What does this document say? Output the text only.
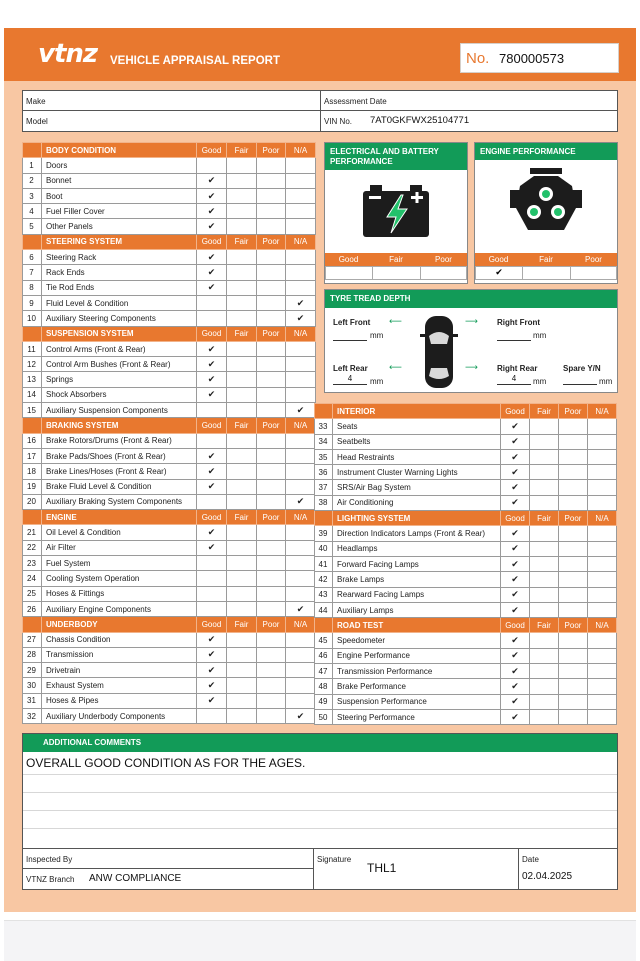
vtnz VEHICLE APPRAISAL REPORT	No. 780000573
Make
Model
Assessment Date
VIN No. 7AT0GKFWX25104771
	BODY CONDITION	Good	Fair	Poor	N/A
1	Doors				
2	Bonnet	✔			
3	Boot	✔			
4	Fuel Filler Cover	✔			
5	Other Panels	✔			
	STEERING SYSTEM	Good	Fair	Poor	N/A
6	Steering Rack	✔			
7	Rack Ends	✔			
8	Tie Rod Ends	✔			
9	Fluid Level & Condition				✔
10	Auxiliary Steering Components				✔
	SUSPENSION SYSTEM	Good	Fair	Poor	N/A
11	Control Arms (Front & Rear)	✔			
12	Control Arm Bushes (Front & Rear)	✔			
13	Springs	✔			
14	Shock Absorbers	✔			
15	Auxiliary Suspension Components				✔
	BRAKING SYSTEM	Good	Fair	Poor	N/A
16	Brake Rotors/Drums (Front & Rear)				
17	Brake Pads/Shoes (Front & Rear)	✔			
18	Brake Lines/Hoses (Front & Rear)	✔			
19	Brake Fluid Level & Condition	✔			
20	Auxiliary Braking System Components				✔
	ENGINE	Good	Fair	Poor	N/A
21	Oil Level & Condition	✔			
22	Air Filter	✔			
23	Fuel System				
24	Cooling System Operation				
25	Hoses & Fittings				
26	Auxiliary Engine Components				✔
	UNDERBODY	Good	Fair	Poor	N/A
27	Chassis Condition	✔			
28	Transmission	✔			
29	Drivetrain	✔			
30	Exhaust System	✔			
31	Hoses & Pipes	✔			
32	Auxiliary Underbody Components				✔
ELECTRICAL AND BATTERY PERFORMANCE
Good	Fair	Poor
ENGINE PERFORMANCE
Good	Fair	Poor
✔
TYRE TREAD DEPTH
Left Front
mm
⟵	Right Front
mm
⟶
Left Rear
4	mm
⟵	Right Rear
4	mm
⟶	Spare Y/N
mm
	INTERIOR	Good	Fair	Poor	N/A
33	Seats	✔			
34	Seatbelts	✔			
35	Head Restraints	✔			
36	Instrument Cluster Warning Lights	✔			
37	SRS/Air Bag System	✔			
38	Air Conditioning	✔			
	LIGHTING SYSTEM	Good	Fair	Poor	N/A
39	Direction Indicators Lamps (Front & Rear)	✔			
40	Headlamps	✔			
41	Forward Facing Lamps	✔			
42	Brake Lamps	✔			
43	Rearward Facing Lamps	✔			
44	Auxiliary Lamps	✔			
	ROAD TEST	Good	Fair	Poor	N/A
45	Speedometer	✔			
46	Engine Performance	✔			
47	Transmission Performance	✔			
48	Brake Performance	✔			
49	Suspension Performance	✔			
50	Steering Performance	✔			
ADDITIONAL COMMENTS
OVERALL GOOD CONDITION AS FOR THE AGES.
Inspected By
VTNZ Branch ANW COMPLIANCE
Signature
THL1
Date
02.04.2025
